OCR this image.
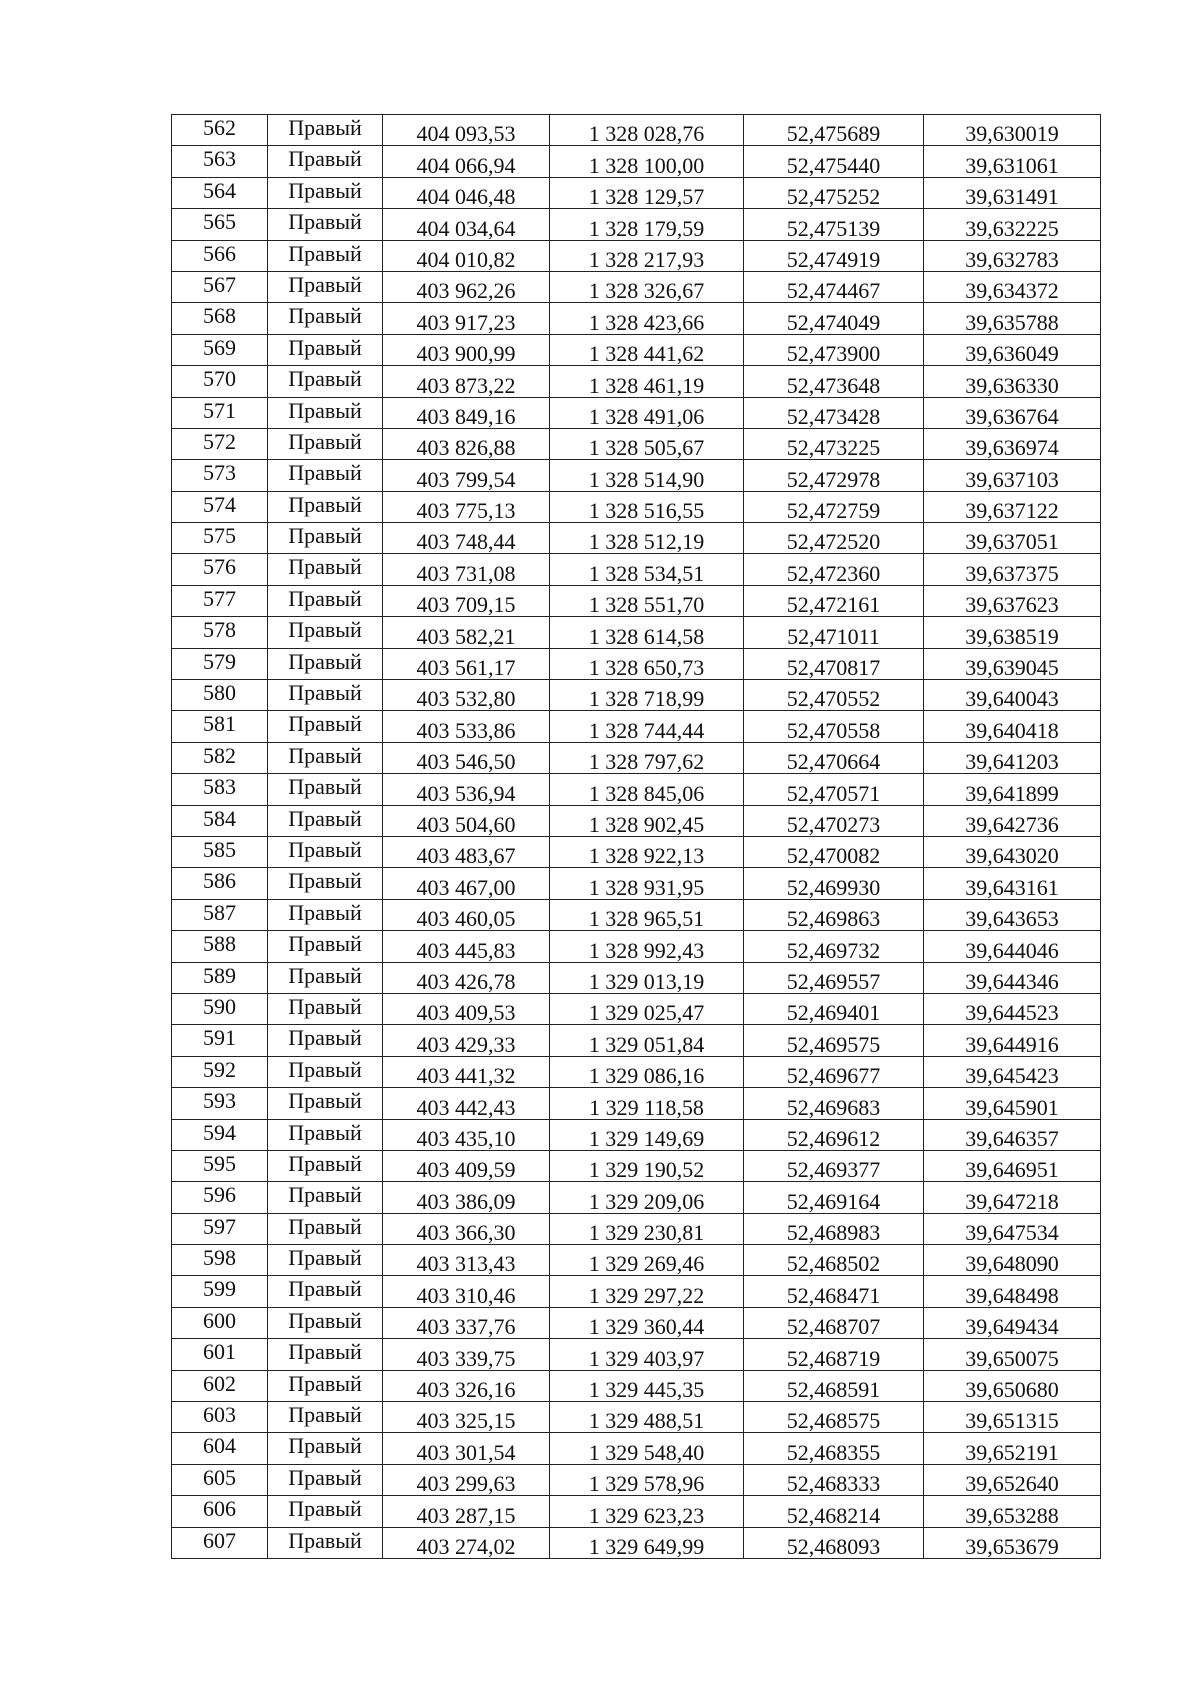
562	Правый	404 093,53	1 328 028,76	52,475689	39,630019
563	Правый	404 066,94	1 328 100,00	52,475440	39,631061
564	Правый	404 046,48	1 328 129,57	52,475252	39,631491
565	Правый	404 034,64	1 328 179,59	52,475139	39,632225
566	Правый	404 010,82	1 328 217,93	52,474919	39,632783
567	Правый	403 962,26	1 328 326,67	52,474467	39,634372
568	Правый	403 917,23	1 328 423,66	52,474049	39,635788
569	Правый	403 900,99	1 328 441,62	52,473900	39,636049
570	Правый	403 873,22	1 328 461,19	52,473648	39,636330
571	Правый	403 849,16	1 328 491,06	52,473428	39,636764
572	Правый	403 826,88	1 328 505,67	52,473225	39,636974
573	Правый	403 799,54	1 328 514,90	52,472978	39,637103
574	Правый	403 775,13	1 328 516,55	52,472759	39,637122
575	Правый	403 748,44	1 328 512,19	52,472520	39,637051
576	Правый	403 731,08	1 328 534,51	52,472360	39,637375
577	Правый	403 709,15	1 328 551,70	52,472161	39,637623
578	Правый	403 582,21	1 328 614,58	52,471011	39,638519
579	Правый	403 561,17	1 328 650,73	52,470817	39,639045
580	Правый	403 532,80	1 328 718,99	52,470552	39,640043
581	Правый	403 533,86	1 328 744,44	52,470558	39,640418
582	Правый	403 546,50	1 328 797,62	52,470664	39,641203
583	Правый	403 536,94	1 328 845,06	52,470571	39,641899
584	Правый	403 504,60	1 328 902,45	52,470273	39,642736
585	Правый	403 483,67	1 328 922,13	52,470082	39,643020
586	Правый	403 467,00	1 328 931,95	52,469930	39,643161
587	Правый	403 460,05	1 328 965,51	52,469863	39,643653
588	Правый	403 445,83	1 328 992,43	52,469732	39,644046
589	Правый	403 426,78	1 329 013,19	52,469557	39,644346
590	Правый	403 409,53	1 329 025,47	52,469401	39,644523
591	Правый	403 429,33	1 329 051,84	52,469575	39,644916
592	Правый	403 441,32	1 329 086,16	52,469677	39,645423
593	Правый	403 442,43	1 329 118,58	52,469683	39,645901
594	Правый	403 435,10	1 329 149,69	52,469612	39,646357
595	Правый	403 409,59	1 329 190,52	52,469377	39,646951
596	Правый	403 386,09	1 329 209,06	52,469164	39,647218
597	Правый	403 366,30	1 329 230,81	52,468983	39,647534
598	Правый	403 313,43	1 329 269,46	52,468502	39,648090
599	Правый	403 310,46	1 329 297,22	52,468471	39,648498
600	Правый	403 337,76	1 329 360,44	52,468707	39,649434
601	Правый	403 339,75	1 329 403,97	52,468719	39,650075
602	Правый	403 326,16	1 329 445,35	52,468591	39,650680
603	Правый	403 325,15	1 329 488,51	52,468575	39,651315
604	Правый	403 301,54	1 329 548,40	52,468355	39,652191
605	Правый	403 299,63	1 329 578,96	52,468333	39,652640
606	Правый	403 287,15	1 329 623,23	52,468214	39,653288
607	Правый	403 274,02	1 329 649,99	52,468093	39,653679
